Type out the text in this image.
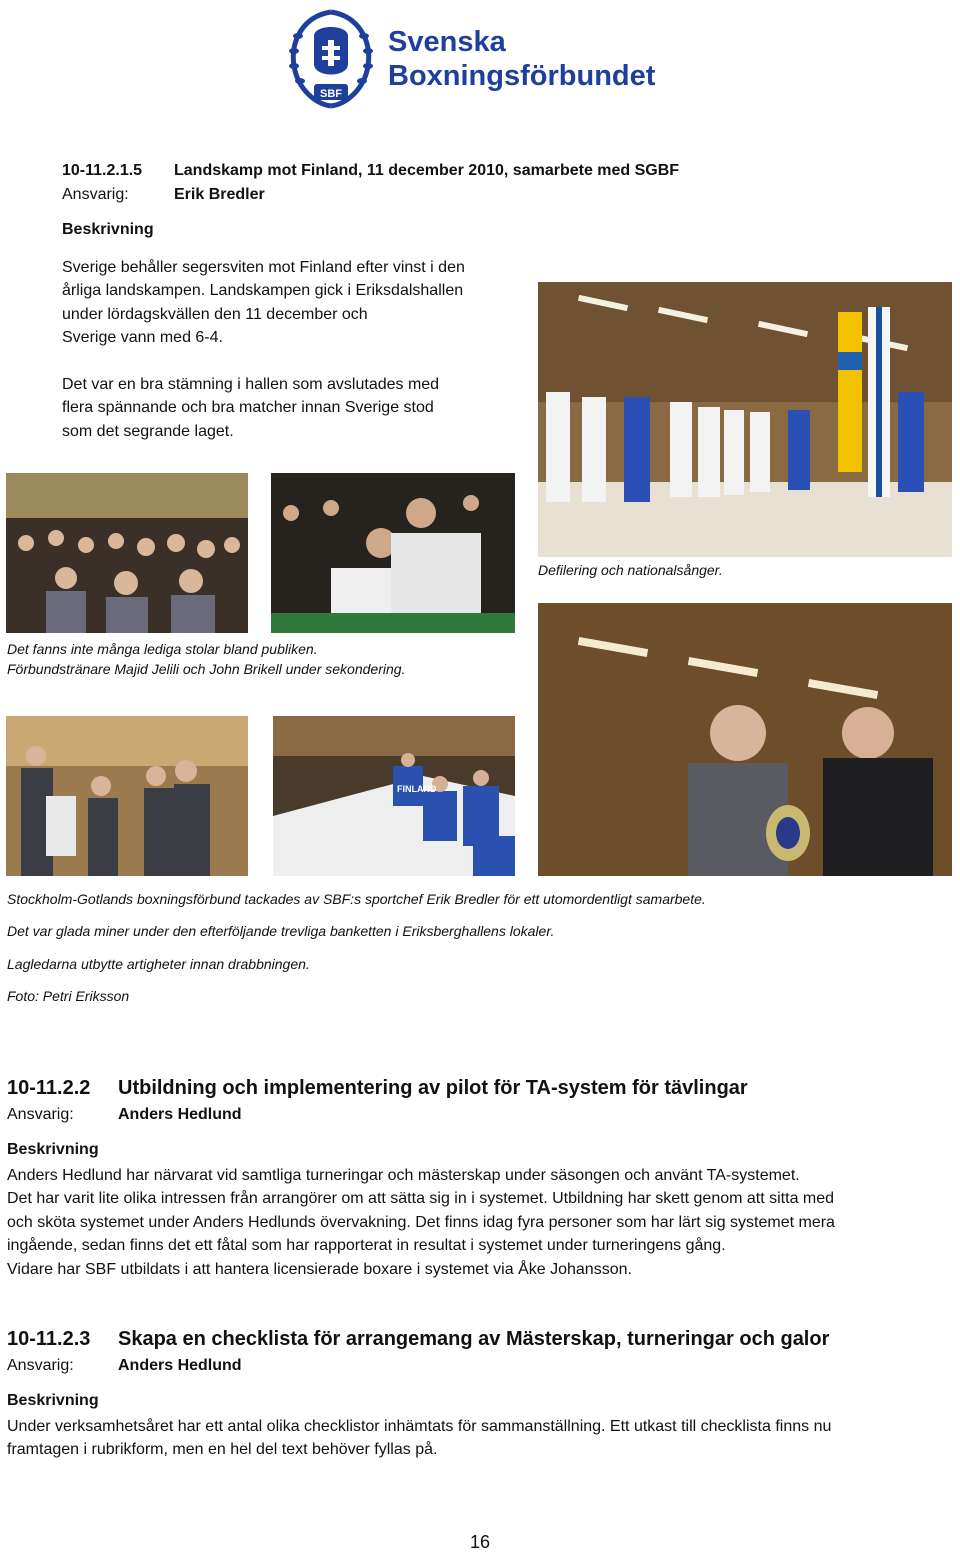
SBF
Svenska
Boxningsförbundet
10-11.2.1.5 Landskamp mot Finland, 11 december 2010, samarbete med SGBF
Ansvarig:	Erik Bredler
Beskrivning
Sverige behåller segersviten mot Finland efter vinst i den
årliga landskampen. Landskampen gick i Eriksdalshallen
under lördagskvällen den 11 december och
Sverige vann med 6-4.
Det var en bra stämning i hallen som avslutades med
flera spännande och bra matcher innan Sverige stod
som det segrande laget.
Defilering och nationalsånger.
Det fanns inte många lediga stolar bland publiken.
Förbundstränare Majid Jelili och John Brikell under sekondering.
FINLAND
Stockholm-Gotlands boxningsförbund tackades av SBF:s sportchef Erik Bredler för ett utomordentligt samarbete.
Det var glada miner under den efterföljande trevliga banketten i Eriksberghallens lokaler.
Lagledarna utbytte artigheter innan drabbningen.
Foto: Petri Eriksson
10-11.2.2 Utbildning och implementering av pilot för TA-system för tävlingar
Ansvarig:	Anders Hedlund
Beskrivning
Anders Hedlund har närvarat vid samtliga turneringar och mästerskap under säsongen och använt TA-systemet.
Det har varit lite olika intressen från arrangörer om att sätta sig in i systemet. Utbildning har skett genom att sitta med
och sköta systemet under Anders Hedlunds övervakning. Det finns idag fyra personer som har lärt sig systemet mera
ingående, sedan finns det ett fåtal som har rapporterat in resultat i systemet under turneringens gång.
Vidare har SBF utbildats i att hantera licensierade boxare i systemet via Åke Johansson.
10-11.2.3 Skapa en checklista för arrangemang av Mästerskap, turneringar och galor
Ansvarig:	Anders Hedlund
Beskrivning
Under verksamhetsåret har ett antal olika checklistor inhämtats för sammanställning. Ett utkast till checklista finns nu
framtagen i rubrikform, men en hel del text behöver fyllas på.
16
